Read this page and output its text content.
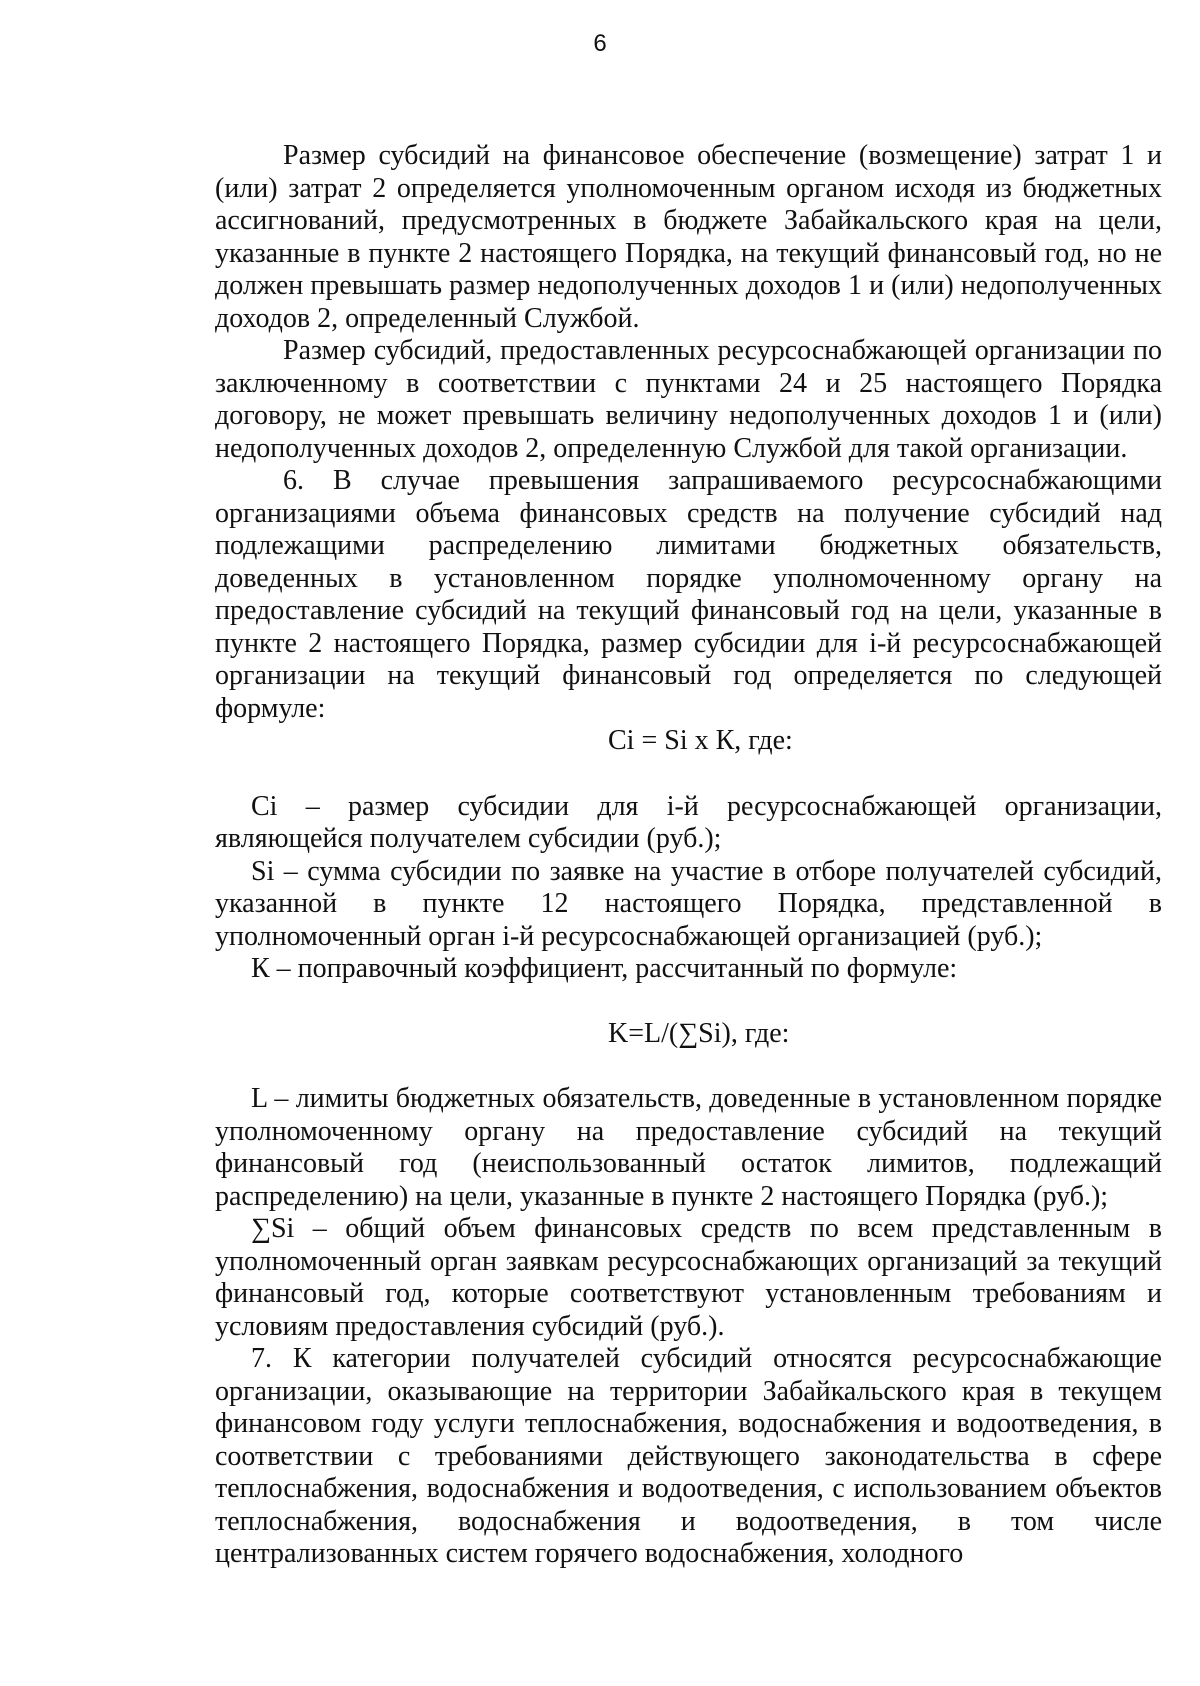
6

Размер субсидий на финансовое обеспечение (возмещение) затрат 1 и (или) затрат 2 определяется уполномоченным органом исходя из бюджетных ассигнований, предусмотренных в бюджете Забайкальского края на цели, указанные в пункте 2 настоящего Порядка, на текущий финансовый год, но не должен превышать размер недополученных доходов 1 и (или) недополученных доходов 2, определенный Службой.

Размер субсидий, предоставленных ресурсоснабжающей организации по заключенному в соответствии с пунктами 24 и 25 настоящего Порядка договору, не может превышать величину недополученных доходов 1 и (или) недополученных доходов 2, определенную Службой для такой организации.

6. В случае превышения запрашиваемого ресурсоснабжающими организациями объема финансовых средств на получение субсидий над подлежащими распределению лимитами бюджетных обязательств, доведенных в установленном порядке уполномоченному органу на предоставление субсидий на текущий финансовый год на цели, указанные в пункте 2 настоящего Порядка, размер субсидии для i-й ресурсоснабжающей организации на текущий финансовый год определяется по следующей формуле:

Ci = Si x К, где:

Ci – размер субсидии для i-й ресурсоснабжающей организации, являющейся получателем субсидии (руб.);

Si – сумма субсидии по заявке на участие в отборе получателей субсидий, указанной в пункте 12 настоящего Порядка, представленной в уполномоченный орган i-й ресурсоснабжающей организацией (руб.);

К – поправочный коэффициент, рассчитанный по формуле:

K=L/(∑Si), где:

L – лимиты бюджетных обязательств, доведенные в установленном порядке уполномоченному органу на предоставление субсидий на текущий финансовый год (неиспользованный остаток лимитов, подлежащий распределению) на цели, указанные в пункте 2 настоящего Порядка (руб.);

∑Si – общий объем финансовых средств по всем представленным в уполномоченный орган заявкам ресурсоснабжающих организаций за текущий финансовый год, которые соответствуют установленным требованиям и условиям предоставления субсидий (руб.).

7. К категории получателей субсидий относятся ресурсоснабжающие организации, оказывающие на территории Забайкальского края в текущем финансовом году услуги теплоснабжения, водоснабжения и водоотведения, в соответствии с требованиями действующего законодательства в сфере теплоснабжения, водоснабжения и водоотведения, с использованием объектов теплоснабжения, водоснабжения и водоотведения, в том числе централизованных систем горячего водоснабжения, холодного
